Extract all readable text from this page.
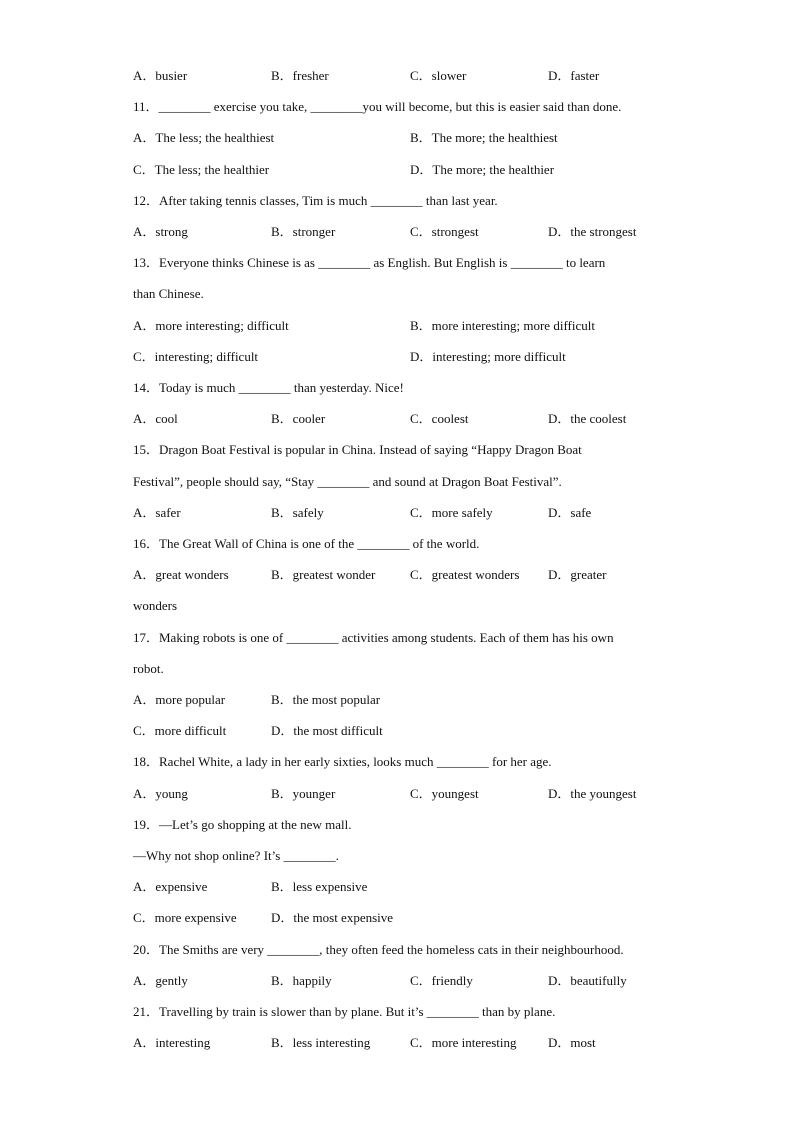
A．busier	B．fresher	C．slower	D．faster
11．________ exercise you take, ________you will become, but this is easier said than done.
A．The less; the healthiest	B．The more; the healthiest
C．The less; the healthier	D．The more; the healthier
12．After taking tennis classes, Tim is much ________ than last year.
A．strong	B．stronger	C．strongest	D．the strongest
13．Everyone thinks Chinese is as ________ as English. But English is ________ to learn
than Chinese.
A．more interesting; difficult	B．more interesting; more difficult
C．interesting; difficult	D．interesting; more difficult
14．Today is much ________ than yesterday. Nice!
A．cool	B．cooler	C．coolest	D．the coolest
15．Dragon Boat Festival is popular in China. Instead of saying “Happy Dragon Boat
Festival”, people should say, “Stay ________ and sound at Dragon Boat Festival”.
A．safer	B．safely	C．more safely	D．safe
16．The Great Wall of China is one of the ________ of the world.
A．great wonders	B．greatest wonder	C．greatest wonders D．greater
wonders
17．Making robots is one of ________ activities among students. Each of them has his own
robot.
A．more popular	B．the most popular
C．more difficult	D．the most difficult
18．Rachel White, a lady in her early sixties, looks much ________ for her age.
A．young	B．younger	C．youngest	D．the youngest
19．—Let’s go shopping at the new mall.
—Why not shop online? It’s ________.
A．expensive	B．less expensive
C．more expensive	D．the most expensive
20．The Smiths are very ________, they often feed the homeless cats in their neighbourhood.
A．gently	B．happily	C．friendly	D．beautifully
21．Travelling by train is slower than by plane. But it’s ________ than by plane.
A．interesting	B．less interesting	C．more interesting D．most
